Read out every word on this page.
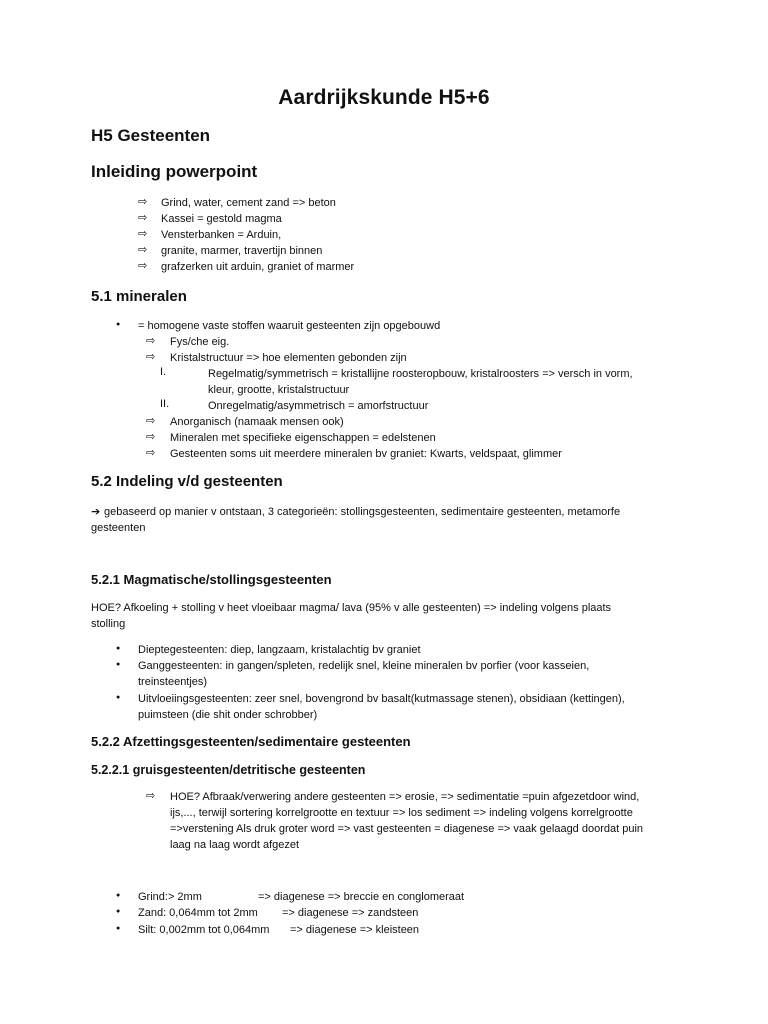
Aardrijkskunde H5+6
H5 Gesteenten
Inleiding powerpoint
⇨
Grind, water, cement zand => beton
⇨
Kassei = gestold magma
⇨
Vensterbanken = Arduin,
⇨
granite, marmer, travertijn binnen
⇨
grafzerken uit arduin, graniet of marmer
5.1 mineralen
●
= homogene vaste stoffen waaruit gesteenten zijn opgebouwd
⇨
Fys/che eig.
⇨
Kristalstructuur => hoe elementen gebonden zijn
I.	Regelmatig/symmetrisch = kristallijne roosteropbouw, kristalroosters => versch in vorm,
kleur, grootte, kristalstructuur
II.	Onregelmatig/asymmetrisch = amorfstructuur
⇨
Anorganisch (namaak mensen ook)
⇨
Mineralen met specifieke eigenschappen = edelstenen
⇨
Gesteenten soms uit meerdere mineralen bv graniet: Kwarts, veldspaat, glimmer
5.2 Indeling v/d gesteenten
➔ gebaseerd op manier v ontstaan, 3 categorieën: stollingsgesteenten, sedimentaire gesteenten, metamorfe
gesteenten
5.2.1 Magmatische/stollingsgesteenten
HOE? Afkoeling + stolling v heet vloeibaar magma/ lava (95% v alle gesteenten) => indeling volgens plaats
stolling
●
Dieptegesteenten: diep, langzaam, kristalachtig bv graniet
●
Ganggesteenten: in gangen/spleten, redelijk snel, kleine mineralen bv porfier (voor kasseien,
treinsteentjes)
●
Uitvloeiingsgesteenten: zeer snel, bovengrond bv basalt(kutmassage stenen), obsidiaan (kettingen),
puimsteen (die shit onder schrobber)
5.2.2 Afzettingsgesteenten/sedimentaire gesteenten
5.2.2.1 gruisgesteenten/detritische gesteenten
⇨
HOE? Afbraak/verwering andere gesteenten => erosie, => sedimentatie =puin afgezetdoor wind,
ijs,..., terwijl sortering korrelgrootte en textuur => los sediment => indeling volgens korrelgrootte
=>verstening Als druk groter word => vast gesteenten = diagenese => vaak gelaagd doordat puin
laag na laag wordt afgezet
●
Grind:> 2mm	=> diagenese => breccie en conglomeraat
●
Zand: 0,064mm tot 2mm	=> diagenese => zandsteen
●
Silt: 0,002mm tot 0,064mm	=> diagenese => kleisteen
